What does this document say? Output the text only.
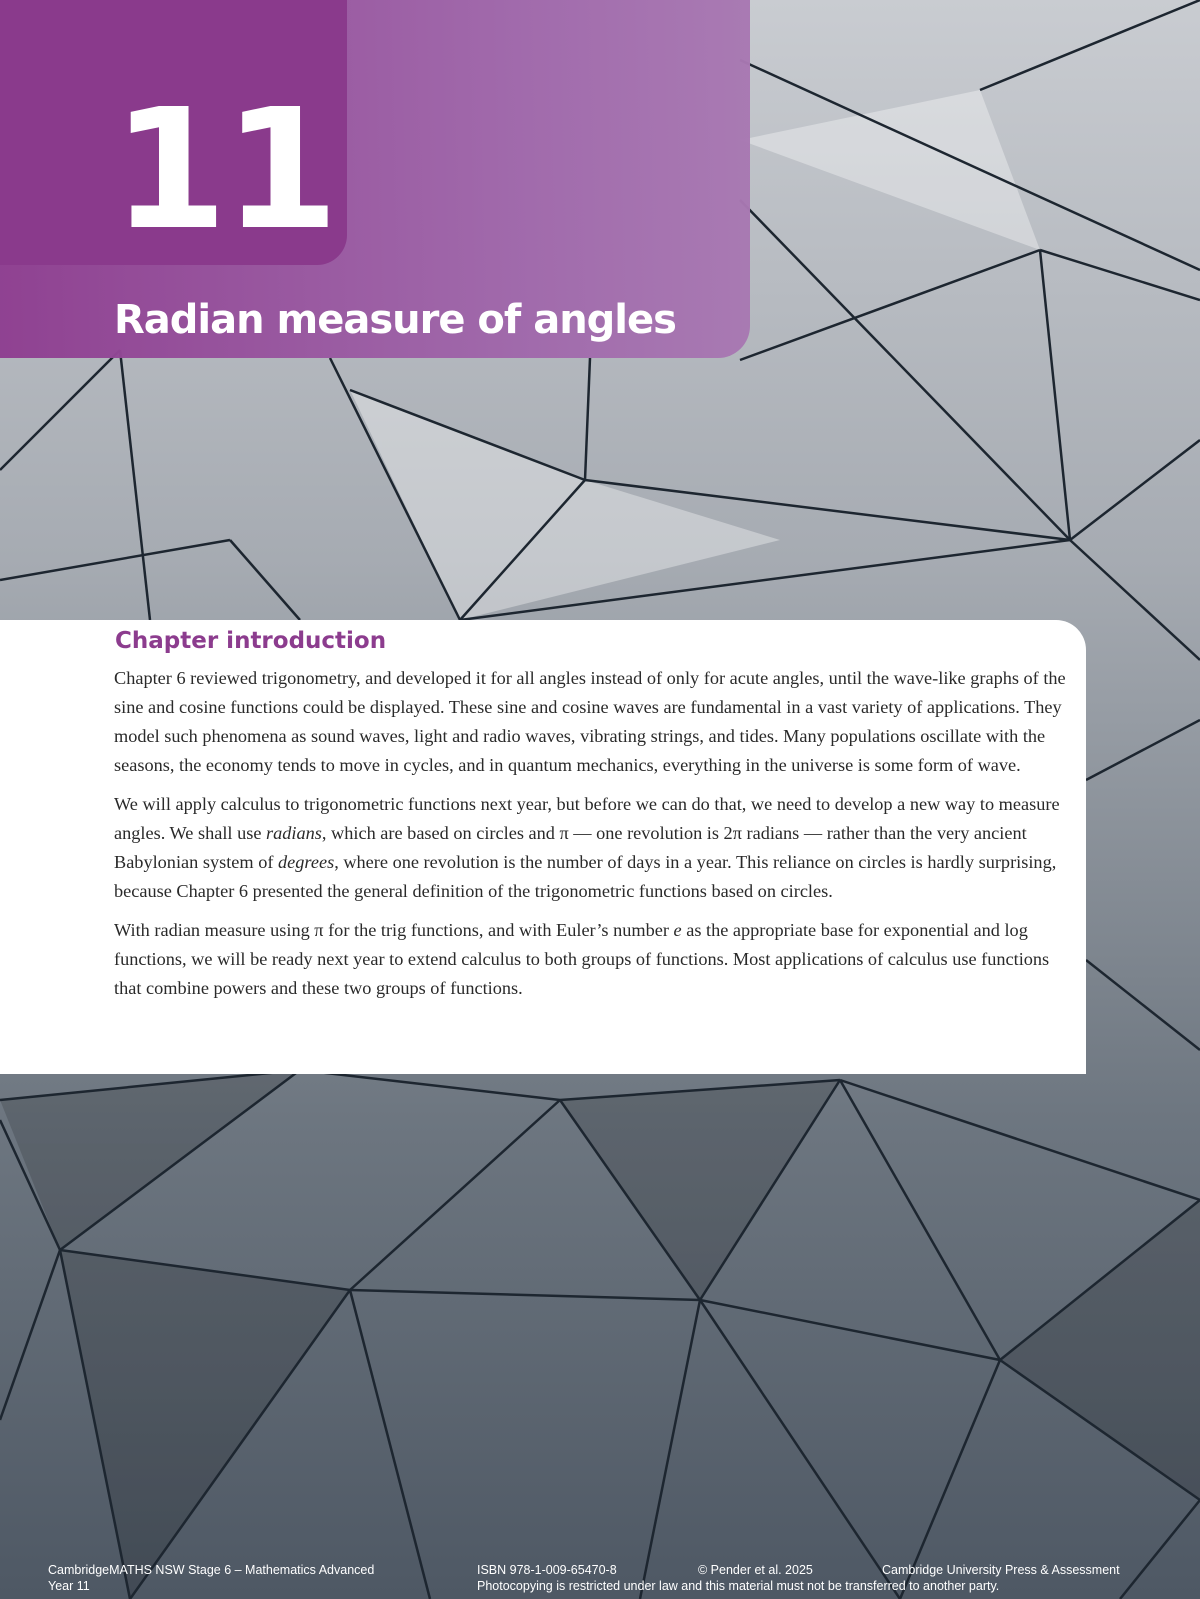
11
Radian measure of angles
Chapter introduction

Chapter 6 reviewed trigonometry, and developed it for all angles instead of only for acute angles, until the wave-like graphs of the sine and cosine functions could be displayed. These sine and cosine waves are fundamental in a vast variety of applications. They model such phenomena as sound waves, light and radio waves, vibrating strings, and tides. Many populations oscillate with the seasons, the economy tends to move in cycles, and in quantum mechanics, everything in the universe is some form of wave.

We will apply calculus to trigonometric functions next year, but before we can do that, we need to develop a new way to measure angles. We shall use radians, which are based on circles and π — one revolution is 2π radians — rather than the very ancient Babylonian system of degrees, where one revolution is the number of days in a year. This reliance on circles is hardly surprising, because Chapter 6 presented the general definition of the trigonometric functions based on circles.

With radian measure using π for the trig functions, and with Euler’s number e as the appropriate base for exponential and log functions, we will be ready next year to extend calculus to both groups of functions. Most applications of calculus use functions that combine powers and these two groups of functions.

CambridgeMATHS NSW Stage 6 – Mathematics Advanced
Year 11
ISBN 978-1-009-65470-8
Photocopying is restricted under law and this material must not be transferred to another party.
© Pender et al. 2025	Cambridge University Press & Assessment
